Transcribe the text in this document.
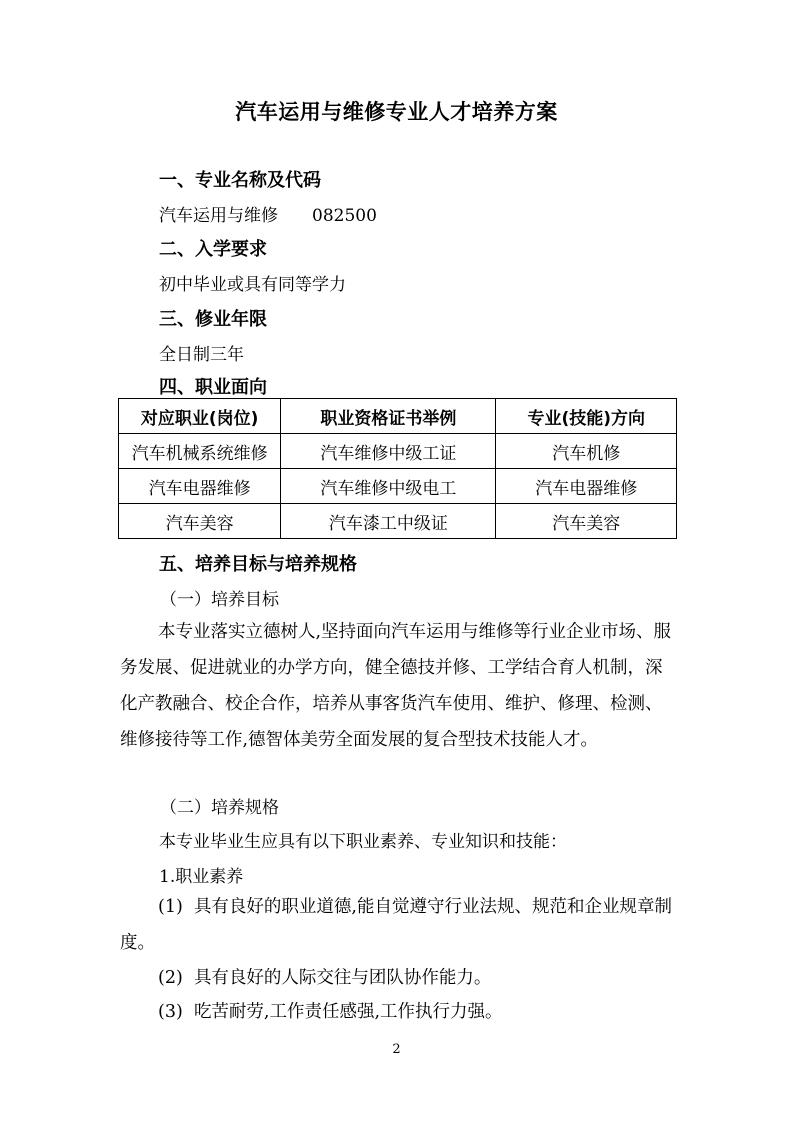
汽车运用与维修专业人才培养方案
一、专业名称及代码
汽车运用与维修 082500
二、入学要求
初中毕业或具有同等学力
三、修业年限
全日制三年
四、职业面向
对应职业(岗位)	职业资格证书举例	专业(技能)方向
汽车机械系统维修	汽车维修中级工证	汽车机修
汽车电器维修	汽车维修中级电工	汽车电器维修
汽车美容	汽车漆工中级证	汽车美容
五、培养目标与培养规格
（一）培养目标
本专业落实立德树人,坚持面向汽车运用与维修等行业企业市场、服务发展、促进就业的办学方向，健全德技并修、工学结合育人机制，深化产教融合、校企合作，培养从事客货汽车使用、维护、修理、检测、维修接待等工作,德智体美劳全面发展的复合型技术技能人才。
（二）培养规格
本专业毕业生应具有以下职业素养、专业知识和技能：
1.职业素养
(1) 具有良好的职业道德,能自觉遵守行业法规、规范和企业规章制度。
(2) 具有良好的人际交往与团队协作能力。
(3) 吃苦耐劳,工作责任感强,工作执行力强。
2
